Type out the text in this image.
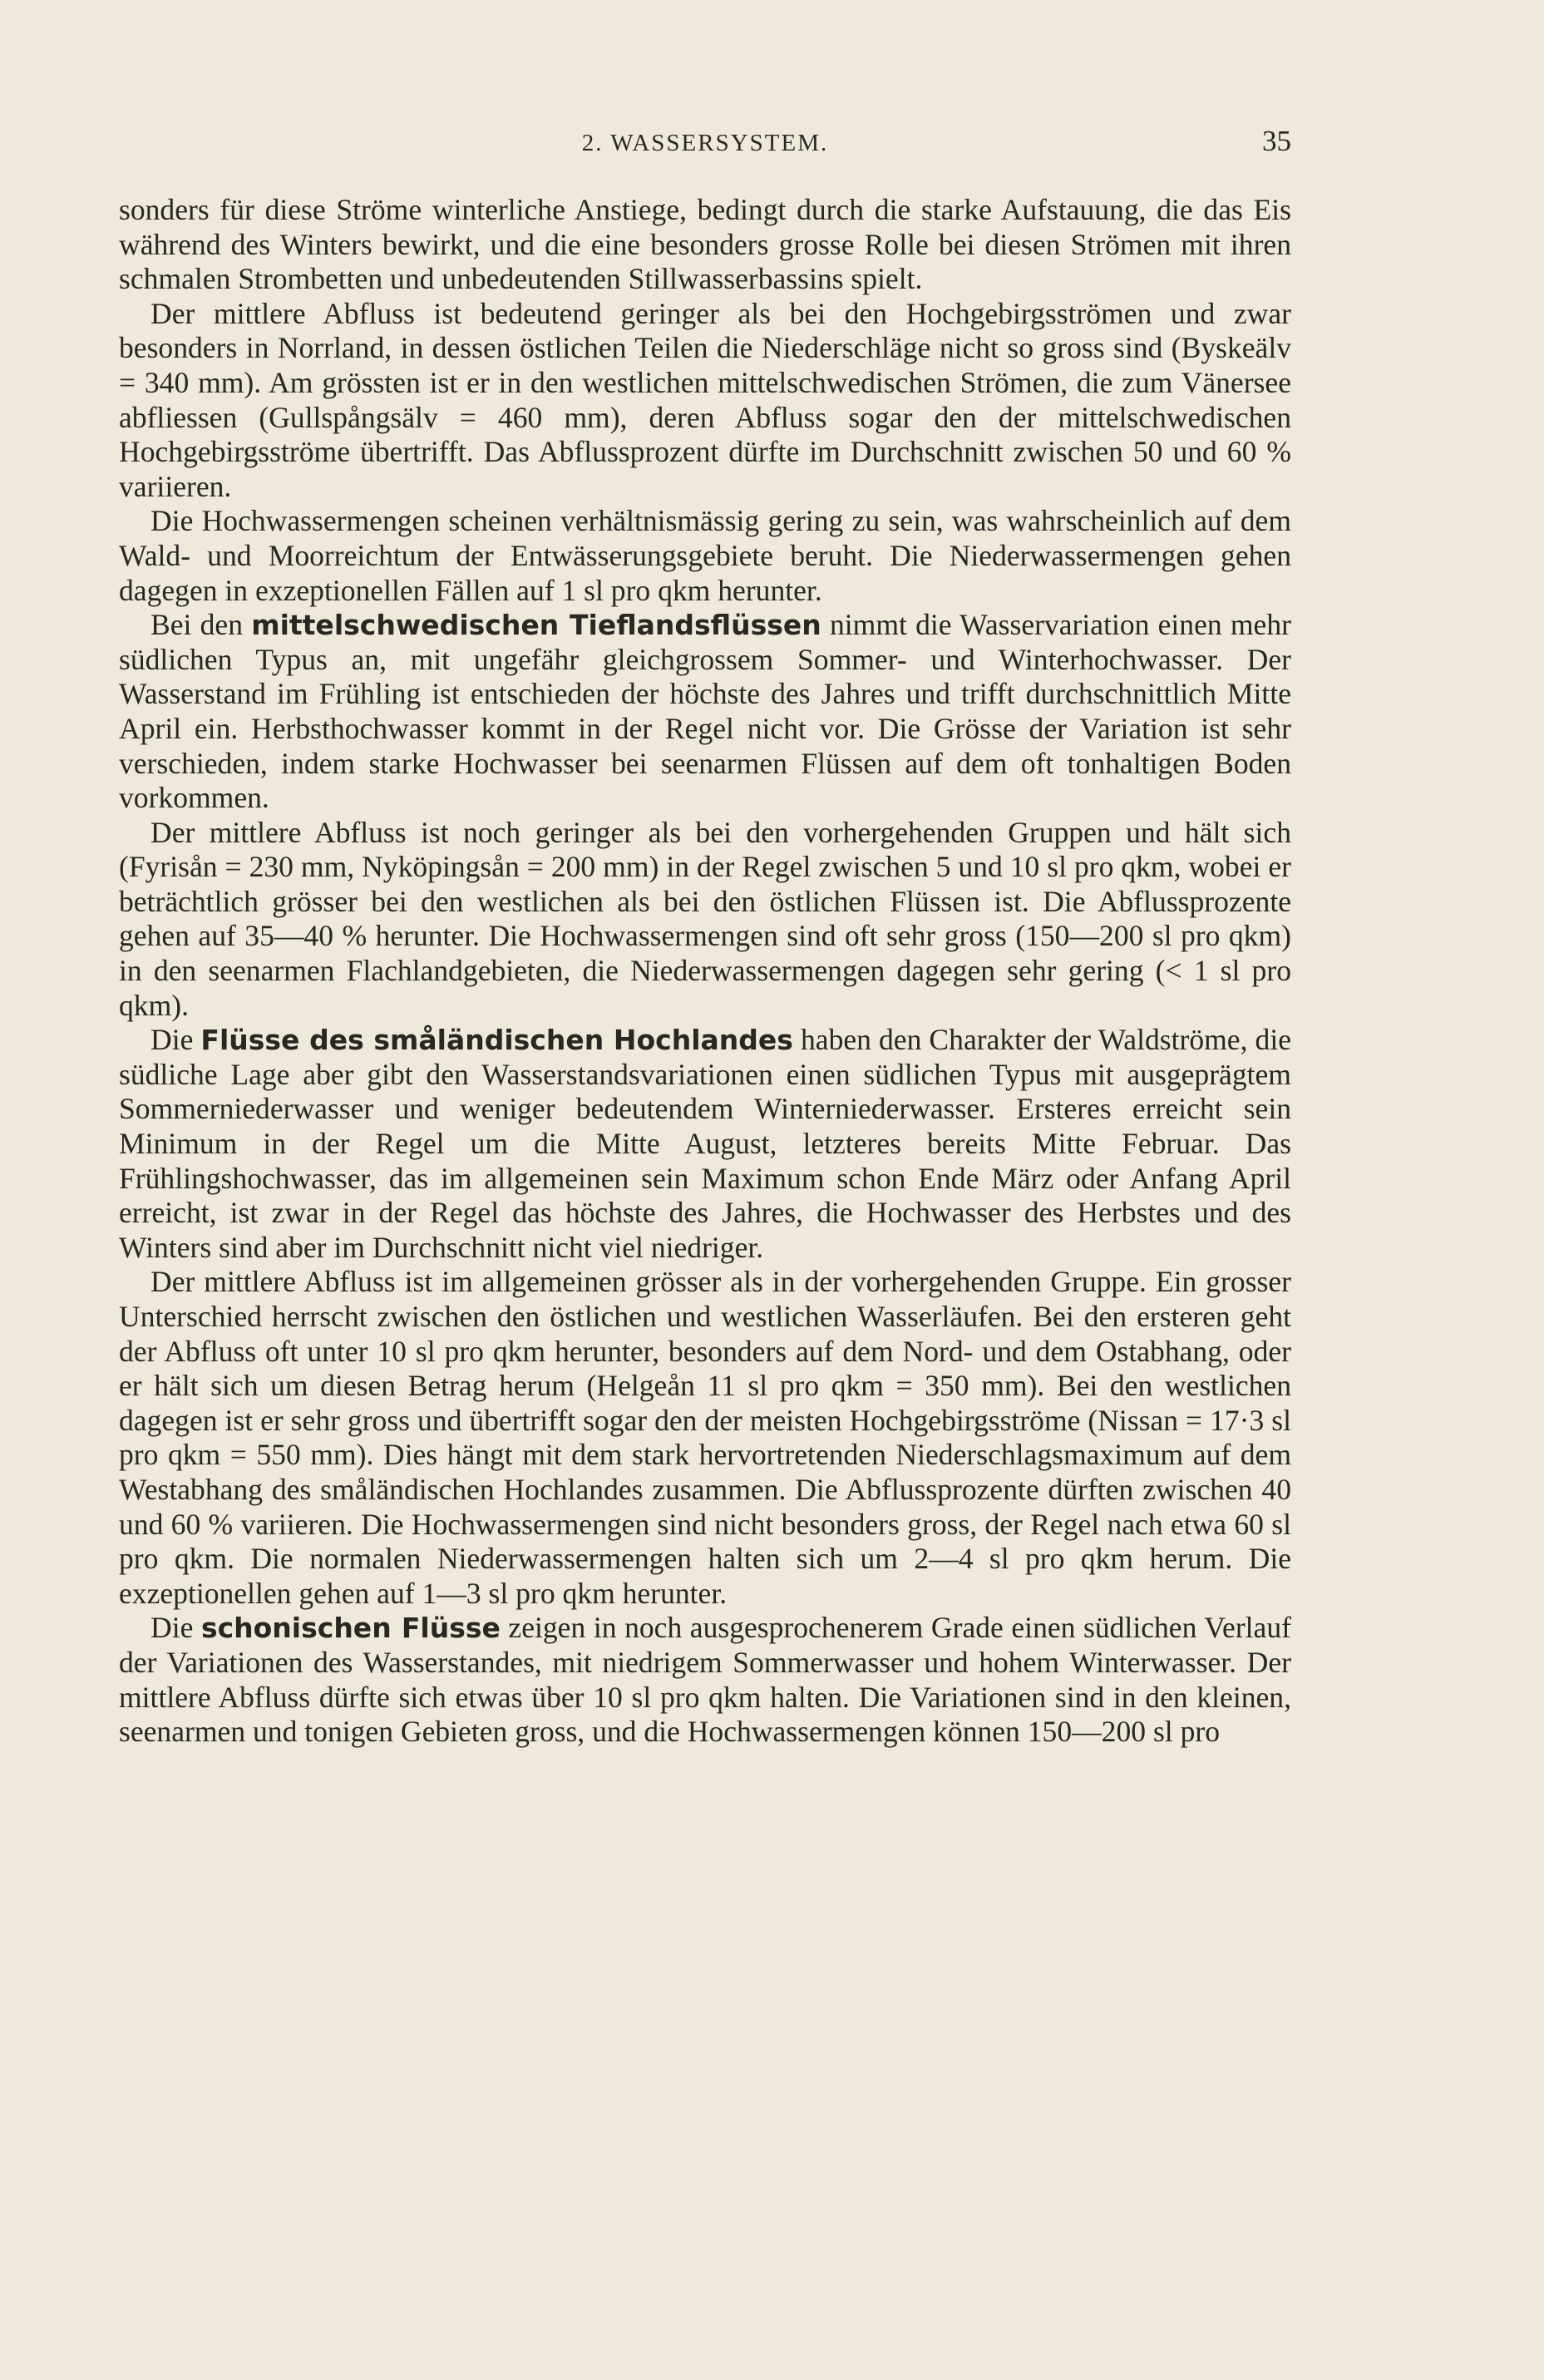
2. WASSERSYSTEM.	35

sonders für diese Ströme winterliche Anstiege, bedingt durch die starke Aufstauung, die das Eis während des Winters bewirkt, und die eine besonders grosse Rolle bei diesen Strömen mit ihren schmalen Strombetten und unbedeutenden Stillwasserbassins spielt.

Der mittlere Abfluss ist bedeutend geringer als bei den Hochgebirgsströmen und zwar besonders in Norrland, in dessen östlichen Teilen die Niederschläge nicht so gross sind (Byskeälv = 340 mm). Am grössten ist er in den westlichen mittelschwedischen Strömen, die zum Vänersee abfliessen (Gullspångsälv = 460 mm), deren Abfluss sogar den der mittelschwedischen Hochgebirgsströme übertrifft. Das Abflussprozent dürfte im Durchschnitt zwischen 50 und 60 % variieren.

Die Hochwassermengen scheinen verhältnismässig gering zu sein, was wahrscheinlich auf dem Wald- und Moorreichtum der Entwässerungsgebiete beruht. Die Niederwassermengen gehen dagegen in exzeptionellen Fällen auf 1 sl pro qkm herunter.

Bei den mittelschwedischen Tieflandsflüssen nimmt die Wasservariation einen mehr südlichen Typus an, mit ungefähr gleichgrossem Sommer- und Winterhochwasser. Der Wasserstand im Frühling ist entschieden der höchste des Jahres und trifft durchschnittlich Mitte April ein. Herbsthochwasser kommt in der Regel nicht vor. Die Grösse der Variation ist sehr verschieden, indem starke Hochwasser bei seenarmen Flüssen auf dem oft tonhaltigen Boden vorkommen.

Der mittlere Abfluss ist noch geringer als bei den vorhergehenden Gruppen und hält sich (Fyrisån = 230 mm, Nyköpingsån = 200 mm) in der Regel zwischen 5 und 10 sl pro qkm, wobei er beträchtlich grösser bei den westlichen als bei den östlichen Flüssen ist. Die Abflussprozente gehen auf 35—40 % herunter. Die Hochwassermengen sind oft sehr gross (150—200 sl pro qkm) in den seenarmen Flachlandgebieten, die Niederwassermengen dagegen sehr gering (< 1 sl pro qkm).

Die Flüsse des småländischen Hochlandes haben den Charakter der Waldströme, die südliche Lage aber gibt den Wasserstandsvariationen einen südlichen Typus mit ausgeprägtem Sommerniederwasser und weniger bedeutendem Winterniederwasser. Ersteres erreicht sein Minimum in der Regel um die Mitte August, letzteres bereits Mitte Februar. Das Frühlingshochwasser, das im allgemeinen sein Maximum schon Ende März oder Anfang April erreicht, ist zwar in der Regel das höchste des Jahres, die Hochwasser des Herbstes und des Winters sind aber im Durchschnitt nicht viel niedriger.

Der mittlere Abfluss ist im allgemeinen grösser als in der vorhergehenden Gruppe. Ein grosser Unterschied herrscht zwischen den östlichen und westlichen Wasserläufen. Bei den ersteren geht der Abfluss oft unter 10 sl pro qkm herunter, besonders auf dem Nord- und dem Ostabhang, oder er hält sich um diesen Betrag herum (Helgeån 11 sl pro qkm = 350 mm). Bei den westlichen dagegen ist er sehr gross und übertrifft sogar den der meisten Hochgebirgsströme (Nissan = 17·3 sl pro qkm = 550 mm). Dies hängt mit dem stark hervortretenden Niederschlagsmaximum auf dem Westabhang des småländischen Hochlandes zusammen. Die Abflussprozente dürften zwischen 40 und 60 % variieren. Die Hochwassermengen sind nicht besonders gross, der Regel nach etwa 60 sl pro qkm. Die normalen Niederwassermengen halten sich um 2—4 sl pro qkm herum. Die exzeptionellen gehen auf 1—3 sl pro qkm herunter.

Die schonischen Flüsse zeigen in noch ausgesprochenerem Grade einen südlichen Verlauf der Variationen des Wasserstandes, mit niedrigem Sommerwasser und hohem Winterwasser. Der mittlere Abfluss dürfte sich etwas über 10 sl pro qkm halten. Die Variationen sind in den kleinen, seenarmen und tonigen Gebieten gross, und die Hochwassermengen können 150—200 sl pro
